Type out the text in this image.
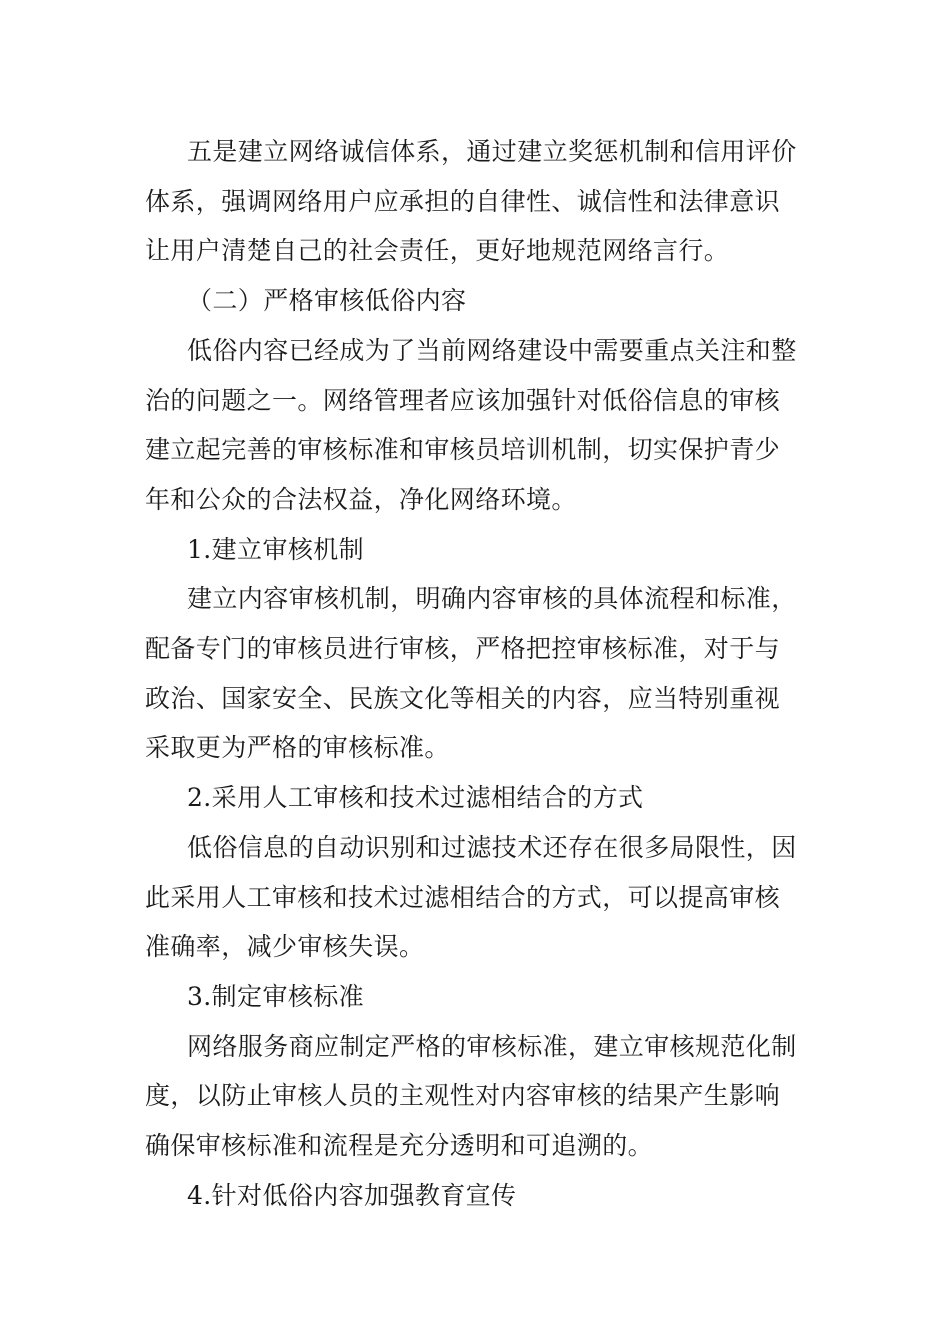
五是建立网络诚信体系，通过建立奖惩机制和信用评价
体系，强调网络用户应承担的自律性、诚信性和法律意识
让用户清楚自己的社会责任，更好地规范网络言行。
（二）严格审核低俗内容
低俗内容已经成为了当前网络建设中需要重点关注和整
治的问题之一。网络管理者应该加强针对低俗信息的审核
建立起完善的审核标准和审核员培训机制，切实保护青少
年和公众的合法权益，净化网络环境。
1.建立审核机制
建立内容审核机制，明确内容审核的具体流程和标准，
配备专门的审核员进行审核，严格把控审核标准，对于与
政治、国家安全、民族文化等相关的内容，应当特别重视
采取更为严格的审核标准。
2.采用人工审核和技术过滤相结合的方式
低俗信息的自动识别和过滤技术还存在很多局限性，因
此采用人工审核和技术过滤相结合的方式，可以提高审核
准确率，减少审核失误。
3.制定审核标准
网络服务商应制定严格的审核标准，建立审核规范化制
度，以防止审核人员的主观性对内容审核的结果产生影响
确保审核标准和流程是充分透明和可追溯的。
4.针对低俗内容加强教育宣传
